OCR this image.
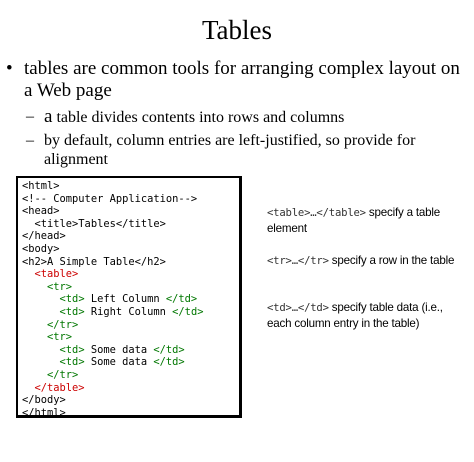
Tables
• tables are common tools for arranging complex layout on a Web page
– a table divides contents into rows and columns
– by default, column entries are left-justified, so provide for alignment
<html>
<!-- Computer Application-->
<head>
<title>Tables</title>
</head>
<body>
<h2>A Simple Table</h2>
<table>
<tr>
<td> Left Column </td>
<td> Right Column </td>
</tr>
<tr>
<td> Some data </td>
<td> Some data </td>
</tr>
</table>
</body>
</html>
<table>…</table> specify a table element
<tr>…</tr> specify a row in the table
<td>…</td> specify table data (i.e., each column entry in the table)
